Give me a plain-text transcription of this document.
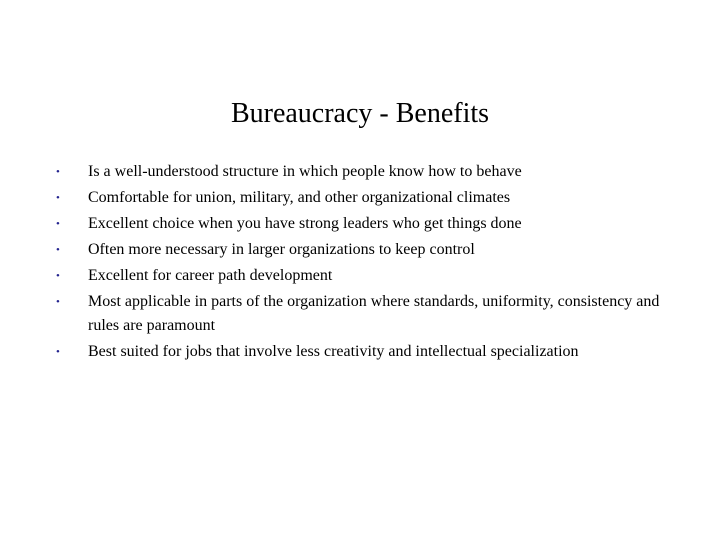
Bureaucracy - Benefits
•	Is a well-understood structure in which people know how to behave
•	Comfortable for union, military, and other organizational climates
•	Excellent choice when you have strong leaders who get things done
•	Often more necessary in larger organizations to keep control
•	Excellent for career path development
•	Most applicable in parts of the organization where standards, uniformity, consistency and rules are paramount
•	Best suited for jobs that involve less creativity and intellectual specialization
